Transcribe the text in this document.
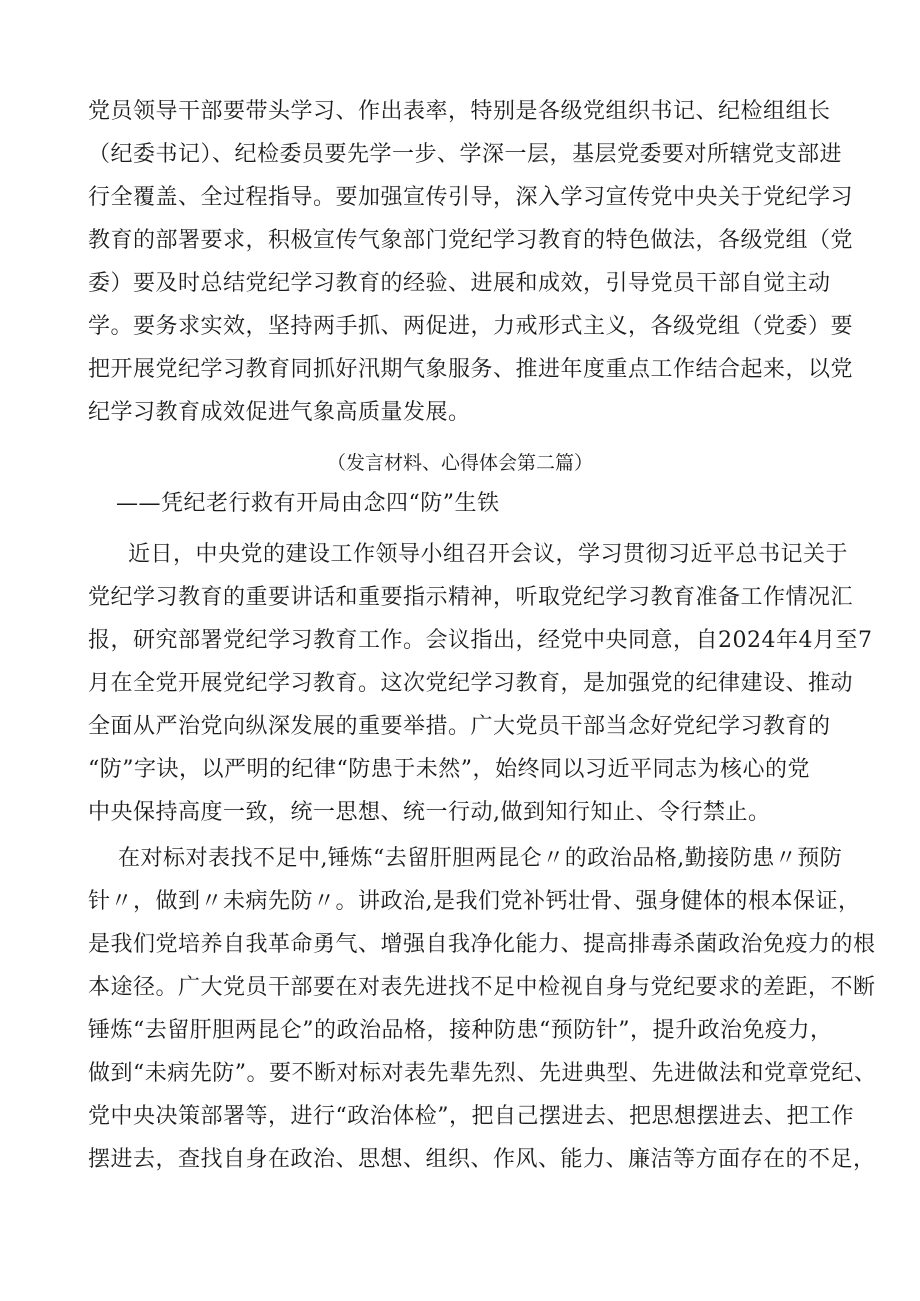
党员领导干部要带头学习、作出表率，特别是各级党组织书记、纪检组组长
（纪委书记）、纪检委员要先学一步、学深一层，基层党委要对所辖党支部进
行全覆盖、全过程指导。要加强宣传引导，深入学习宣传党中央关于党纪学习
教育的部署要求，积极宣传气象部门党纪学习教育的特色做法，各级党组（党
委）要及时总结党纪学习教育的经验、进展和成效，引导党员干部自觉主动
学。要务求实效，坚持两手抓、两促进，力戒形式主义，各级党组（党委）要
把开展党纪学习教育同抓好汛期气象服务、推进年度重点工作结合起来，以党
纪学习教育成效促进气象高质量发展。
（发言材料、心得体会第二篇）
——凭纪老行救有开局由念四“防”生铁
近日，中央党的建设工作领导小组召开会议，学习贯彻习近平总书记关于
党纪学习教育的重要讲话和重要指示精神，听取党纪学习教育准备工作情况汇
报，研究部署党纪学习教育工作。会议指出，经党中央同意，自2024年4月至7
月在全党开展党纪学习教育。这次党纪学习教育，是加强党的纪律建设、推动
全面从严治党向纵深发展的重要举措。广大党员干部当念好党纪学习教育的
“防”字诀，以严明的纪律“防患于未然”，始终同以习近平同志为核心的党
中央保持高度一致，统一思想、统一行动,做到知行知止、令行禁止。
在对标对表找不足中,锤炼“去留肝胆两昆仑〃的政治品格,勤接防患〃预防
针〃，做到〃未病先防〃。讲政治,是我们党补钙壮骨、强身健体的根本保证，
是我们党培养自我革命勇气、增强自我净化能力、提高排毒杀菌政治免疫力的根
本途径。广大党员干部要在对表先进找不足中检视自身与党纪要求的差距，不断
锤炼“去留肝胆两昆仑”的政治品格，接种防患“预防针”，提升政治免疫力，
做到“未病先防”。要不断对标对表先辈先烈、先进典型、先进做法和党章党纪、
党中央决策部署等，进行“政治体检”，把自己摆进去、把思想摆进去、把工作
摆进去，查找自身在政治、思想、组织、作风、能力、廉洁等方面存在的不足，
